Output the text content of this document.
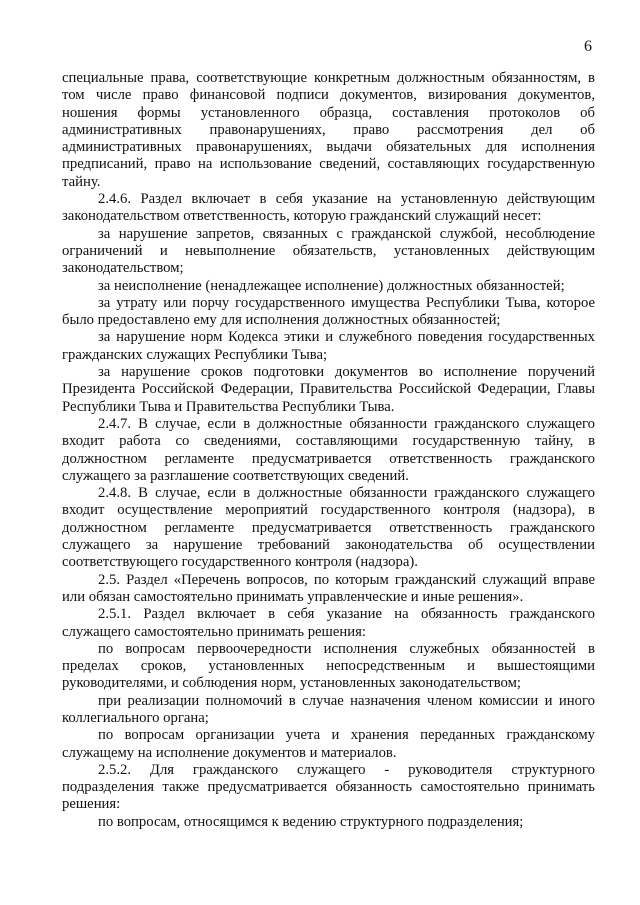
6

специальные права, соответствующие конкретным должностным обязанностям, в том числе право финансовой подписи документов, визирования документов, ношения формы установленного образца, составления протоколов об административных правонарушениях, право рассмотрения дел об административных правонарушениях, выдачи обязательных для исполнения предписаний, право на использование сведений, составляющих государственную тайну.

2.4.6. Раздел включает в себя указание на установленную действующим законодательством ответственность, которую гражданский служащий несет:

за нарушение запретов, связанных с гражданской службой, несоблюдение ограничений и невыполнение обязательств, установленных действующим законодательством;

за неисполнение (ненадлежащее исполнение) должностных обязанностей;

за утрату или порчу государственного имущества Республики Тыва, которое было предоставлено ему для исполнения должностных обязанностей;

за нарушение норм Кодекса этики и служебного поведения государственных гражданских служащих Республики Тыва;

за нарушение сроков подготовки документов во исполнение поручений Президента Российской Федерации, Правительства Российской Федерации, Главы Республики Тыва и Правительства Республики Тыва.

2.4.7. В случае, если в должностные обязанности гражданского служащего входит работа со сведениями, составляющими государственную тайну, в должностном регламенте предусматривается ответственность гражданского служащего за разглашение соответствующих сведений.

2.4.8. В случае, если в должностные обязанности гражданского служащего входит осуществление мероприятий государственного контроля (надзора), в должностном регламенте предусматривается ответственность гражданского служащего за нарушение требований законодательства об осуществлении соответствующего государственного контроля (надзора).

2.5. Раздел «Перечень вопросов, по которым гражданский служащий вправе или обязан самостоятельно принимать управленческие и иные решения».

2.5.1. Раздел включает в себя указание на обязанность гражданского служащего самостоятельно принимать решения:

по вопросам первоочередности исполнения служебных обязанностей в пределах сроков, установленных непосредственным и вышестоящими руководителями, и соблюдения норм, установленных законодательством;

при реализации полномочий в случае назначения членом комиссии и иного коллегиального органа;

по вопросам организации учета и хранения переданных гражданскому служащему на исполнение документов и материалов.

2.5.2. Для гражданского служащего - руководителя структурного подразделения также предусматривается обязанность самостоятельно принимать решения:

по вопросам, относящимся к ведению структурного подразделения;
